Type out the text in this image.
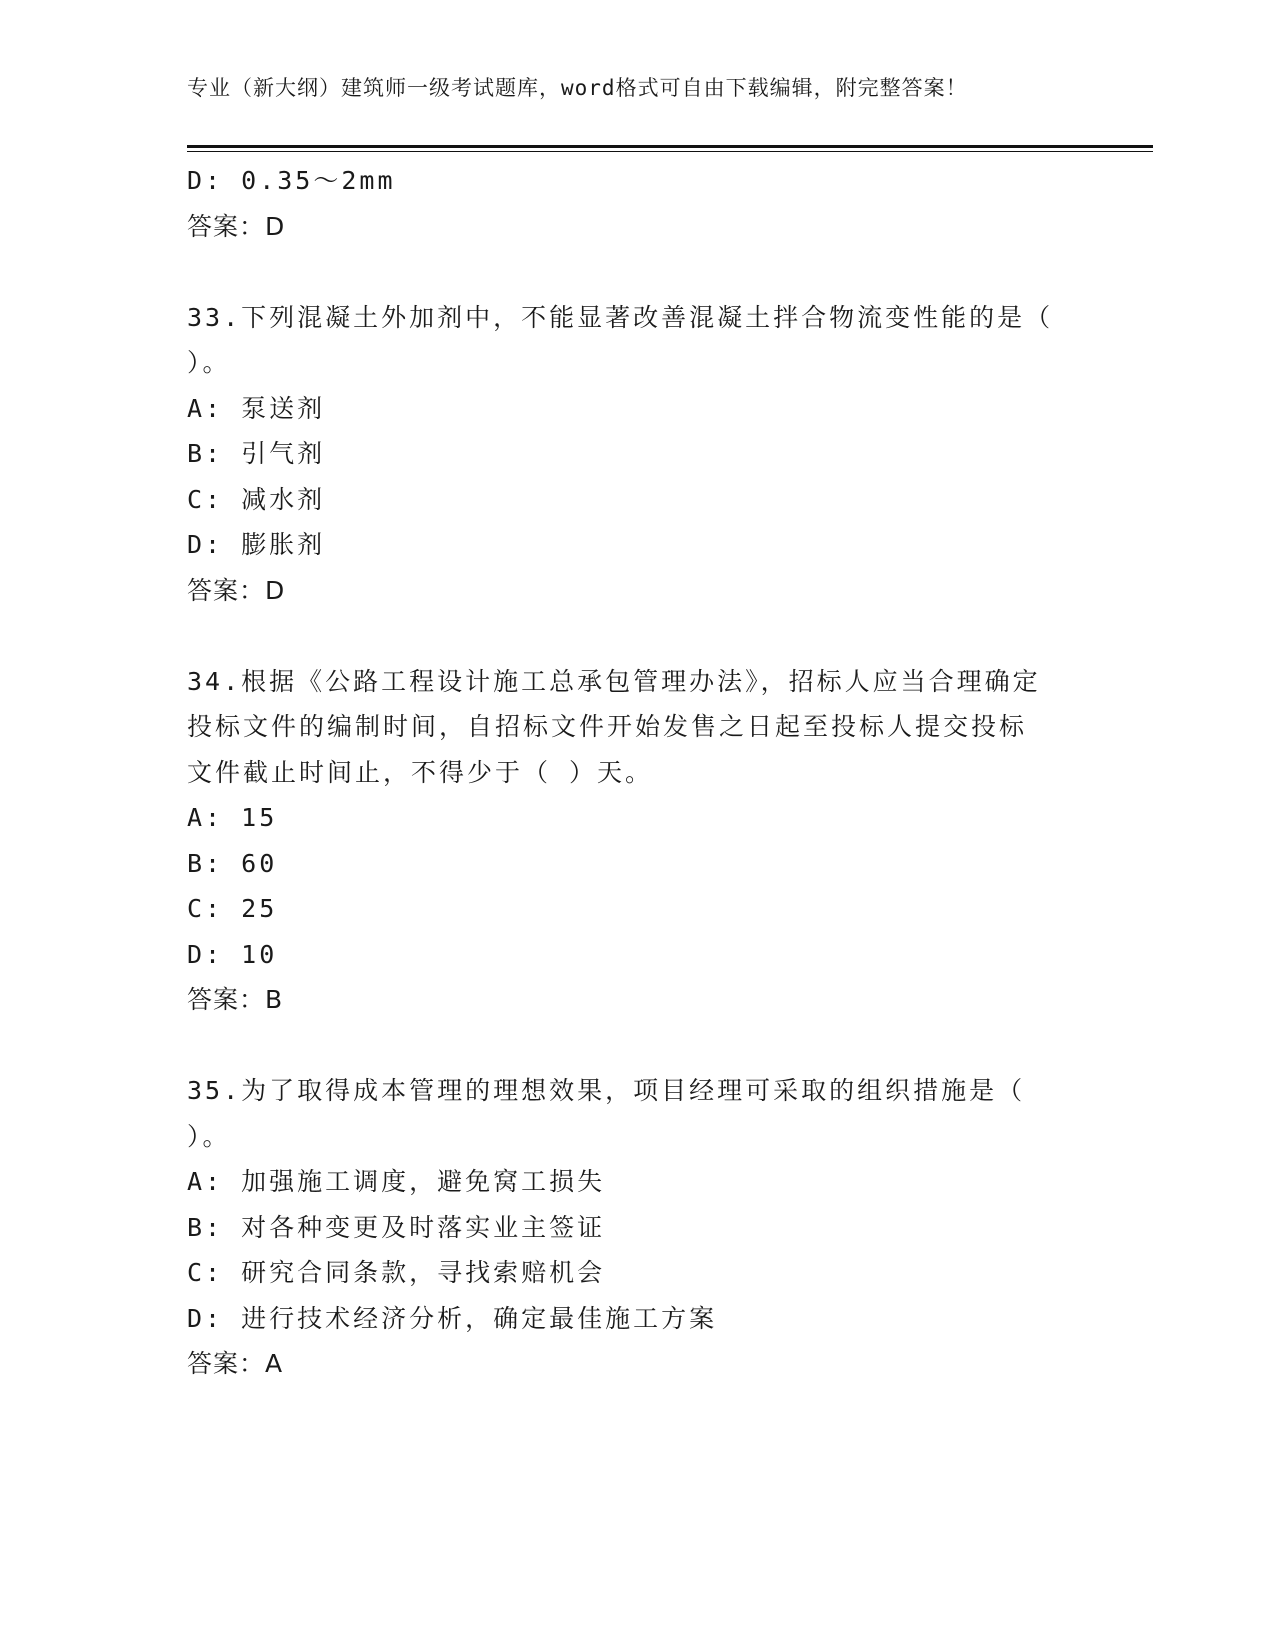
专业（新大纲）建筑师一级考试题库，word格式可自由下载编辑，附完整答案！
D: 0.35～2mm
答案：D
33.下列混凝土外加剂中，不能显著改善混凝土拌合物流变性能的是（
）。
A: 泵送剂
B: 引气剂
C: 减水剂
D: 膨胀剂
答案：D
34.根据《公路工程设计施工总承包管理办法》，招标人应当合理确定
投标文件的编制时间，自招标文件开始发售之日起至投标人提交投标
文件截止时间止，不得少于（ ）天。
A: 15
B: 60
C: 25
D: 10
答案：B
35.为了取得成本管理的理想效果，项目经理可采取的组织措施是（
）。
A: 加强施工调度，避免窝工损失
B: 对各种变更及时落实业主签证
C: 研究合同条款，寻找索赔机会
D: 进行技术经济分析，确定最佳施工方案
答案：A
